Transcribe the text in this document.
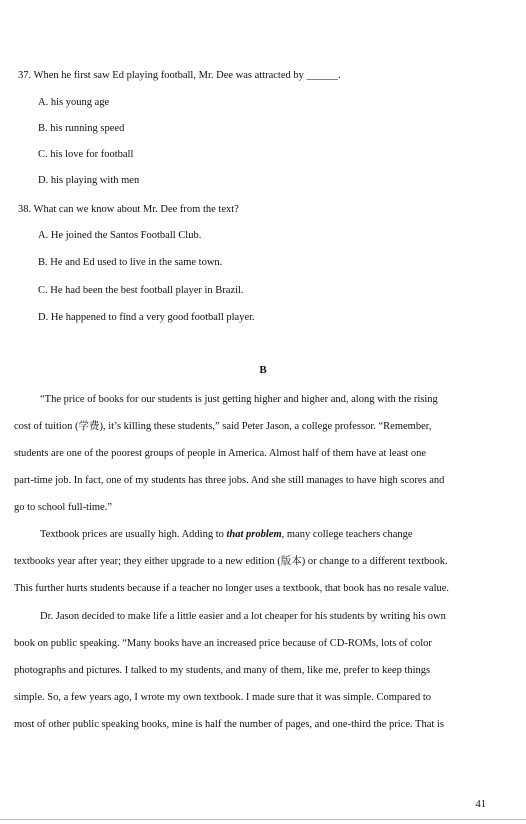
37. When he first saw Ed playing football, Mr. Dee was attracted by ______.
A. his young age
B. his running speed
C. his love for football
D. his playing with men
38. What can we know about Mr. Dee from the text?
A. He joined the Santos Football Club.
B. He and Ed used to live in the same town.
C. He had been the best football player in Brazil.
D. He happened to find a very good football player.
B
“The price of books for our students is just getting higher and higher and, along with the rising
cost of tuition (学费), it’s killing these students,” said Peter Jason, a college professor. “Remember,
students are one of the poorest groups of people in America. Almost half of them have at least one
part-time job. In fact, one of my students has three jobs. And she still manages to have high scores and
go to school full-time.”
Textbook prices are usually high. Adding to that problem, many college teachers change
textbooks year after year; they either upgrade to a new edition (版本) or change to a different textbook.
This further hurts students because if a teacher no longer uses a textbook, that book has no resale value.
Dr. Jason decided to make life a little easier and a lot cheaper for his students by writing his own
book on public speaking. “Many books have an increased price because of CD-ROMs, lots of color
photographs and pictures. I talked to my students, and many of them, like me, prefer to keep things
simple. So, a few years ago, I wrote my own textbook. I made sure that it was simple. Compared to
most of other public speaking books, mine is half the number of pages, and one-third the price. That is
41
